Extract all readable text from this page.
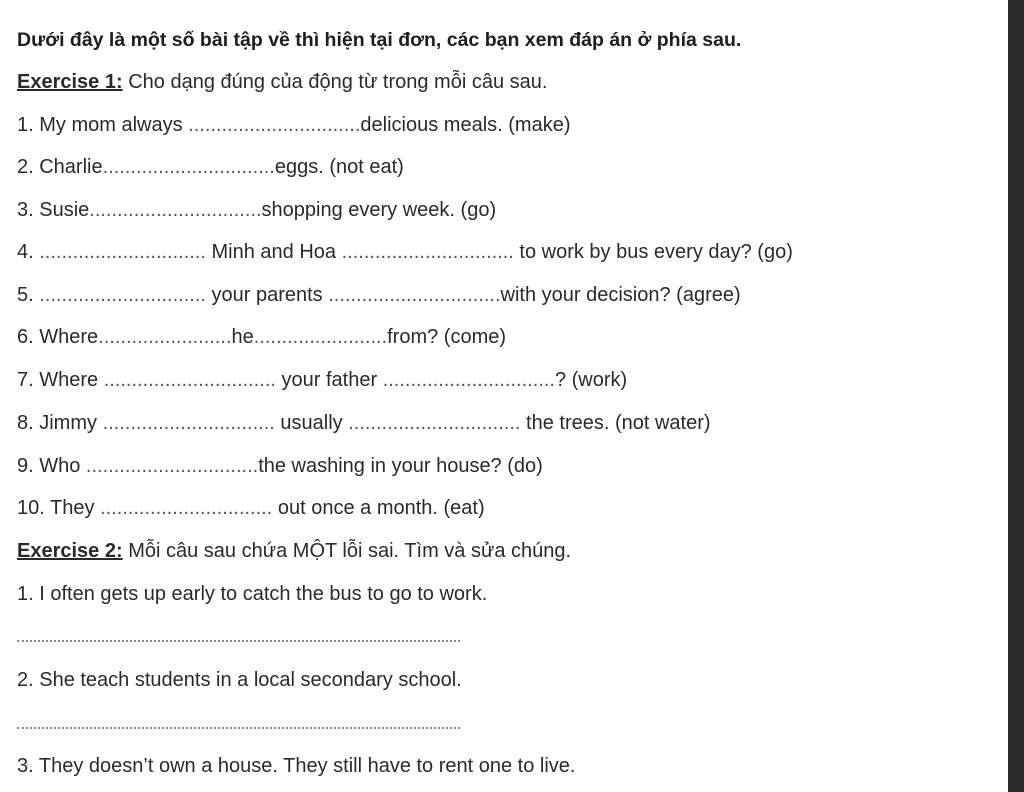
Dưới đây là một số bài tập về thì hiện tại đơn, các bạn xem đáp án ở phía sau.
Exercise 1: Cho dạng đúng của động từ trong mỗi câu sau.
1. My mom always ...............................delicious meals. (make)
2. Charlie...............................eggs. (not eat)
3. Susie...............................shopping every week. (go)
4. .............................. Minh and Hoa ............................... to work by bus every day? (go)
5. .............................. your parents ...............................with your decision? (agree)
6. Where........................he........................from? (come)
7. Where ............................... your father ...............................? (work)
8. Jimmy ............................... usually ............................... the trees. (not water)
9. Who ...............................the washing in your house? (do)
10. They ............................... out once a month. (eat)
Exercise 2: Mỗi câu sau chứa MỘT lỗi sai. Tìm và sửa chúng.
1. I often gets up early to catch the bus to go to work.
2. She teach students in a local secondary school.
3. They doesn’t own a house. They still have to rent one to live.
